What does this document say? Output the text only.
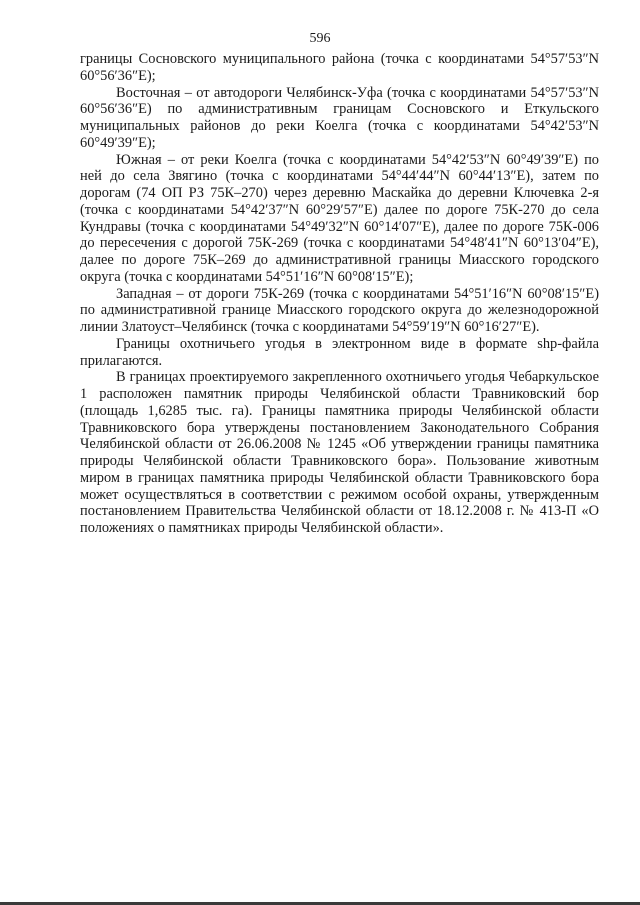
596

границы Сосновского муниципального района (точка с координатами 54°57′53″N 60°56′36″E);

Восточная – от автодороги Челябинск-Уфа (точка с координатами 54°57′53″N 60°56′36″E) по административным границам Сосновского и Еткульского муниципальных районов до реки Коелга (точка с координатами 54°42′53″N 60°49′39″E);

Южная – от реки Коелга (точка с координатами 54°42′53″N 60°49′39″E) по ней до села Звягино (точка с координатами 54°44′44″N 60°44′13″E), затем по дорогам (74 ОП РЗ 75К–270) через деревню Маскайка до деревни Ключевка 2-я (точка с координатами 54°42′37″N 60°29′57″E) далее по дороге 75К-270 до села Кундравы (точка с координатами 54°49′32″N 60°14′07″E), далее по дороге 75К-006 до пересечения с дорогой 75К-269 (точка с координатами 54°48′41″N 60°13′04″E), далее по дороге 75К–269 до административной границы Миасского городского округа (точка с координатами 54°51′16″N 60°08′15″E);

Западная – от дороги 75К-269 (точка с координатами 54°51′16″N 60°08′15″E) по административной границе Миасского городского округа до железнодорожной линии Златоуст–Челябинск (точка с координатами 54°59′19″N 60°16′27″E).

Границы охотничьего угодья в электронном виде в формате shp-файла прилагаются.

В границах проектируемого закрепленного охотничьего угодья Чебаркульское 1 расположен памятник природы Челябинской области Травниковский бор (площадь 1,6285 тыс. га). Границы памятника природы Челябинской области Травниковского бора утверждены постановлением Законодательного Собрания Челябинской области от 26.06.2008 № 1245 «Об утверждении границы памятника природы Челябинской области Травниковского бора». Пользование животным миром в границах памятника природы Челябинской области Травниковского бора может осуществляться в соответствии с режимом особой охраны, утвержденным постановлением Правительства Челябинской области от 18.12.2008 г. № 413-П «О положениях о памятниках природы Челябинской области».
